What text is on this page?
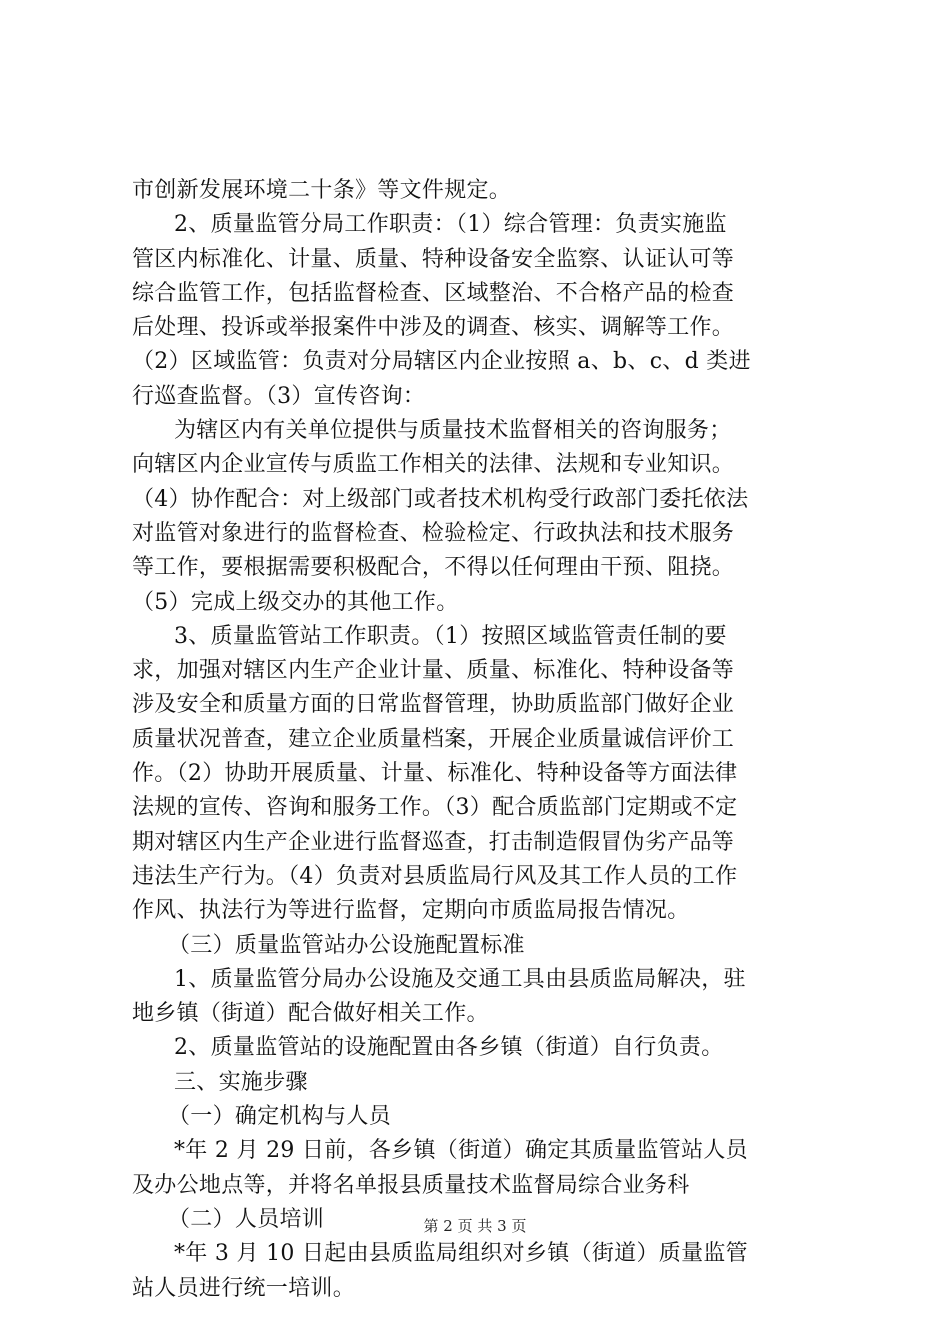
市创新发展环境二十条》等文件规定。
2、质量监管分局工作职责：（1）综合管理：负责实施监
管区内标准化、计量、质量、特种设备安全监察、认证认可等
综合监管工作，包括监督检查、区域整治、不合格产品的检查
后处理、投诉或举报案件中涉及的调查、核实、调解等工作。
（2）区域监管：负责对分局辖区内企业按照 a、b、c、d 类进
行巡查监督。（3）宣传咨询：
为辖区内有关单位提供与质量技术监督相关的咨询服务；
向辖区内企业宣传与质监工作相关的法律、法规和专业知识。
（4）协作配合：对上级部门或者技术机构受行政部门委托依法
对监管对象进行的监督检查、检验检定、行政执法和技术服务
等工作，要根据需要积极配合，不得以任何理由干预、阻挠。
（5）完成上级交办的其他工作。
3、质量监管站工作职责。（1）按照区域监管责任制的要
求，加强对辖区内生产企业计量、质量、标准化、特种设备等
涉及安全和质量方面的日常监督管理，协助质监部门做好企业
质量状况普查，建立企业质量档案，开展企业质量诚信评价工
作。（2）协助开展质量、计量、标准化、特种设备等方面法律
法规的宣传、咨询和服务工作。（3）配合质监部门定期或不定
期对辖区内生产企业进行监督巡查，打击制造假冒伪劣产品等
违法生产行为。（4）负责对县质监局行风及其工作人员的工作
作风、执法行为等进行监督，定期向市质监局报告情况。
（三）质量监管站办公设施配置标准
1、质量监管分局办公设施及交通工具由县质监局解决，驻
地乡镇（街道）配合做好相关工作。
2、质量监管站的设施配置由各乡镇（街道）自行负责。
三、实施步骤
（一）确定机构与人员
*年 2 月 29 日前，各乡镇（街道）确定其质量监管站人员
及办公地点等，并将名单报县质量技术监督局综合业务科
（二）人员培训
*年 3 月 10 日起由县质监局组织对乡镇（街道）质量监管
站人员进行统一培训。
第 2 页 共 3 页
